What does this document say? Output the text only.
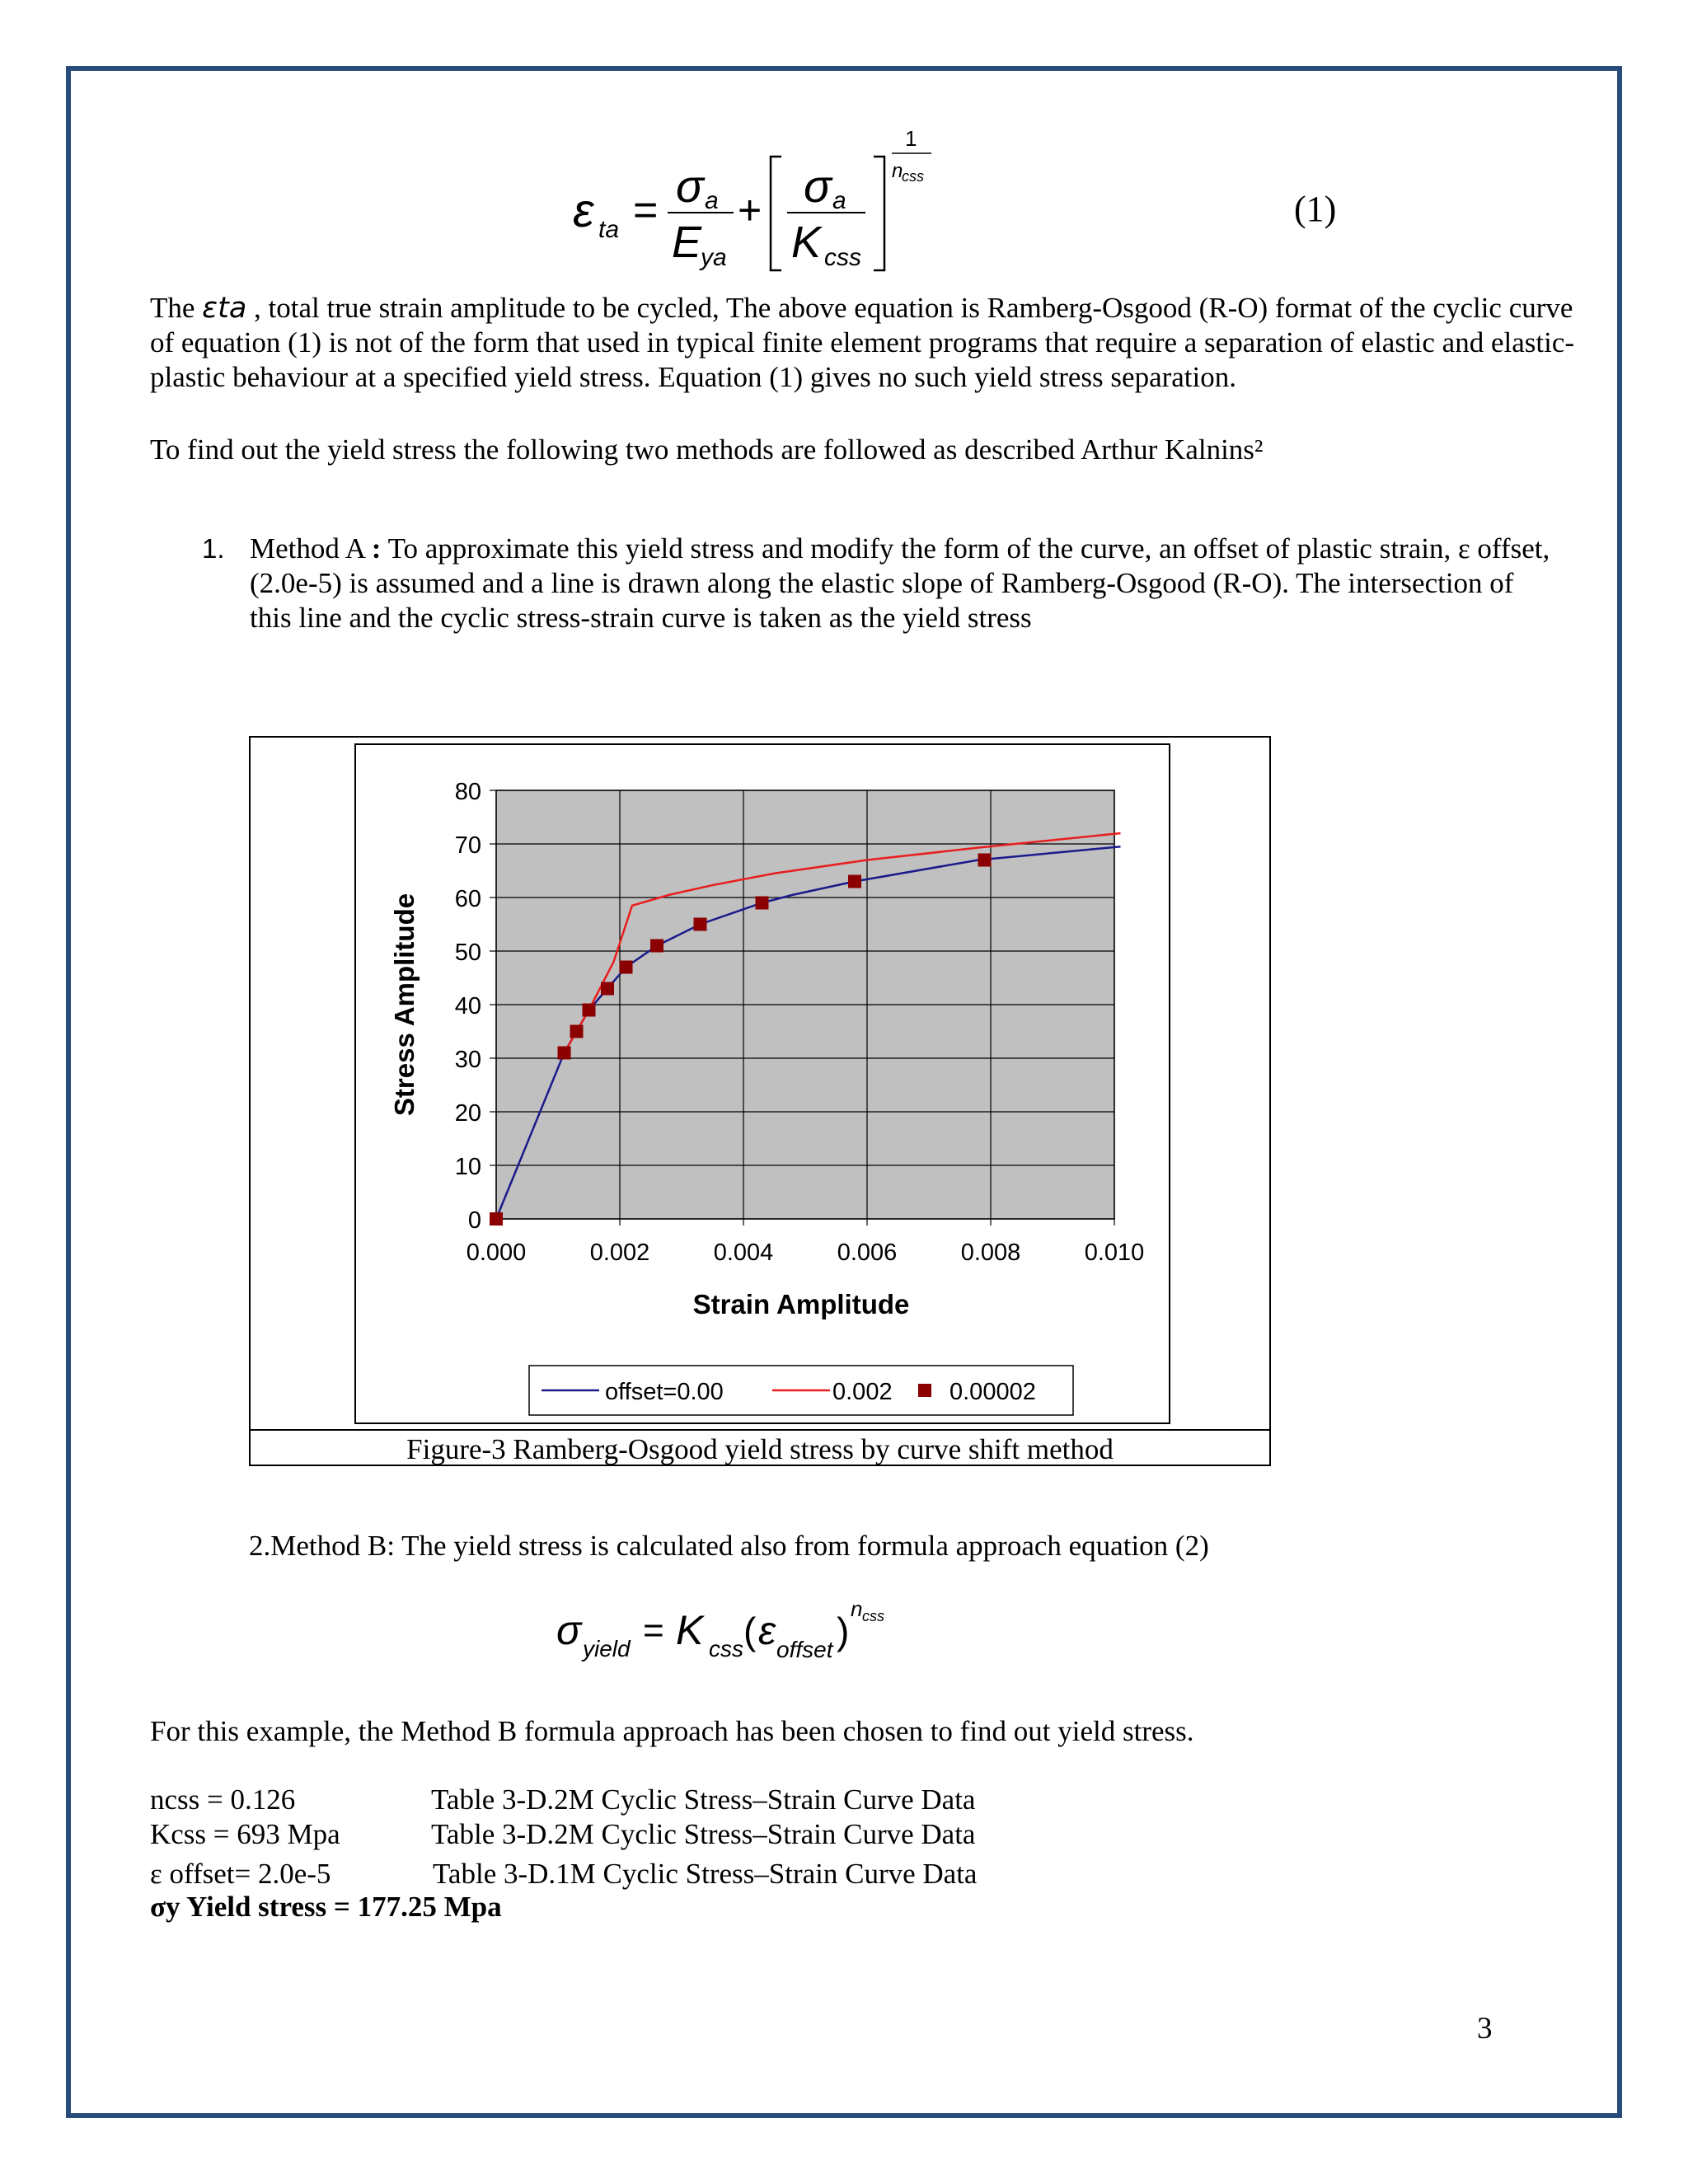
ε ta = σ a
E
ya
+ σ a
K css
1
n
css
(1)
The εta , total true strain amplitude to be cycled, The above equation is Ramberg-Osgood (R-O) format of the cyclic curve of equation (1) is not of the form that used in typical finite element programs that require a separation of elastic and elastic-plastic behaviour at a specified yield stress. Equation (1) gives no such yield stress separation.
To find out the yield stress the following two methods are followed as described Arthur Kalnins²
1. Method A : To approximate this yield stress and modify the form of the curve, an offset of plastic strain, ε offset, (2.0e-5) is assumed and a line is drawn along the elastic slope of Ramberg-Osgood (R-O). The intersection of this line and the cyclic stress-strain curve is taken as the yield stress
0
10
20
30
40
50
60
70
80
0.000	0.002	0.004	0.006	0.008	0.010
Strain Amplitude
Stress Amplitude
offset=0.00	0.002 0.00002
Figure-3 Ramberg-Osgood yield stress by curve shift method
2.Method B: The yield stress is calculated also from formula approach equation (2)
σ yield = K css ( ε offset )
n css
For this example, the Method B formula approach has been chosen to find out yield stress.
ncss = 0.126	Table 3-D.2M Cyclic Stress–Strain Curve Data
Kcss = 693 Mpa	Table 3-D.2M Cyclic Stress–Strain Curve Data
ε offset= 2.0e-5	Table 3-D.1M Cyclic Stress–Strain Curve Data
σy Yield stress = 177.25 Mpa
3
